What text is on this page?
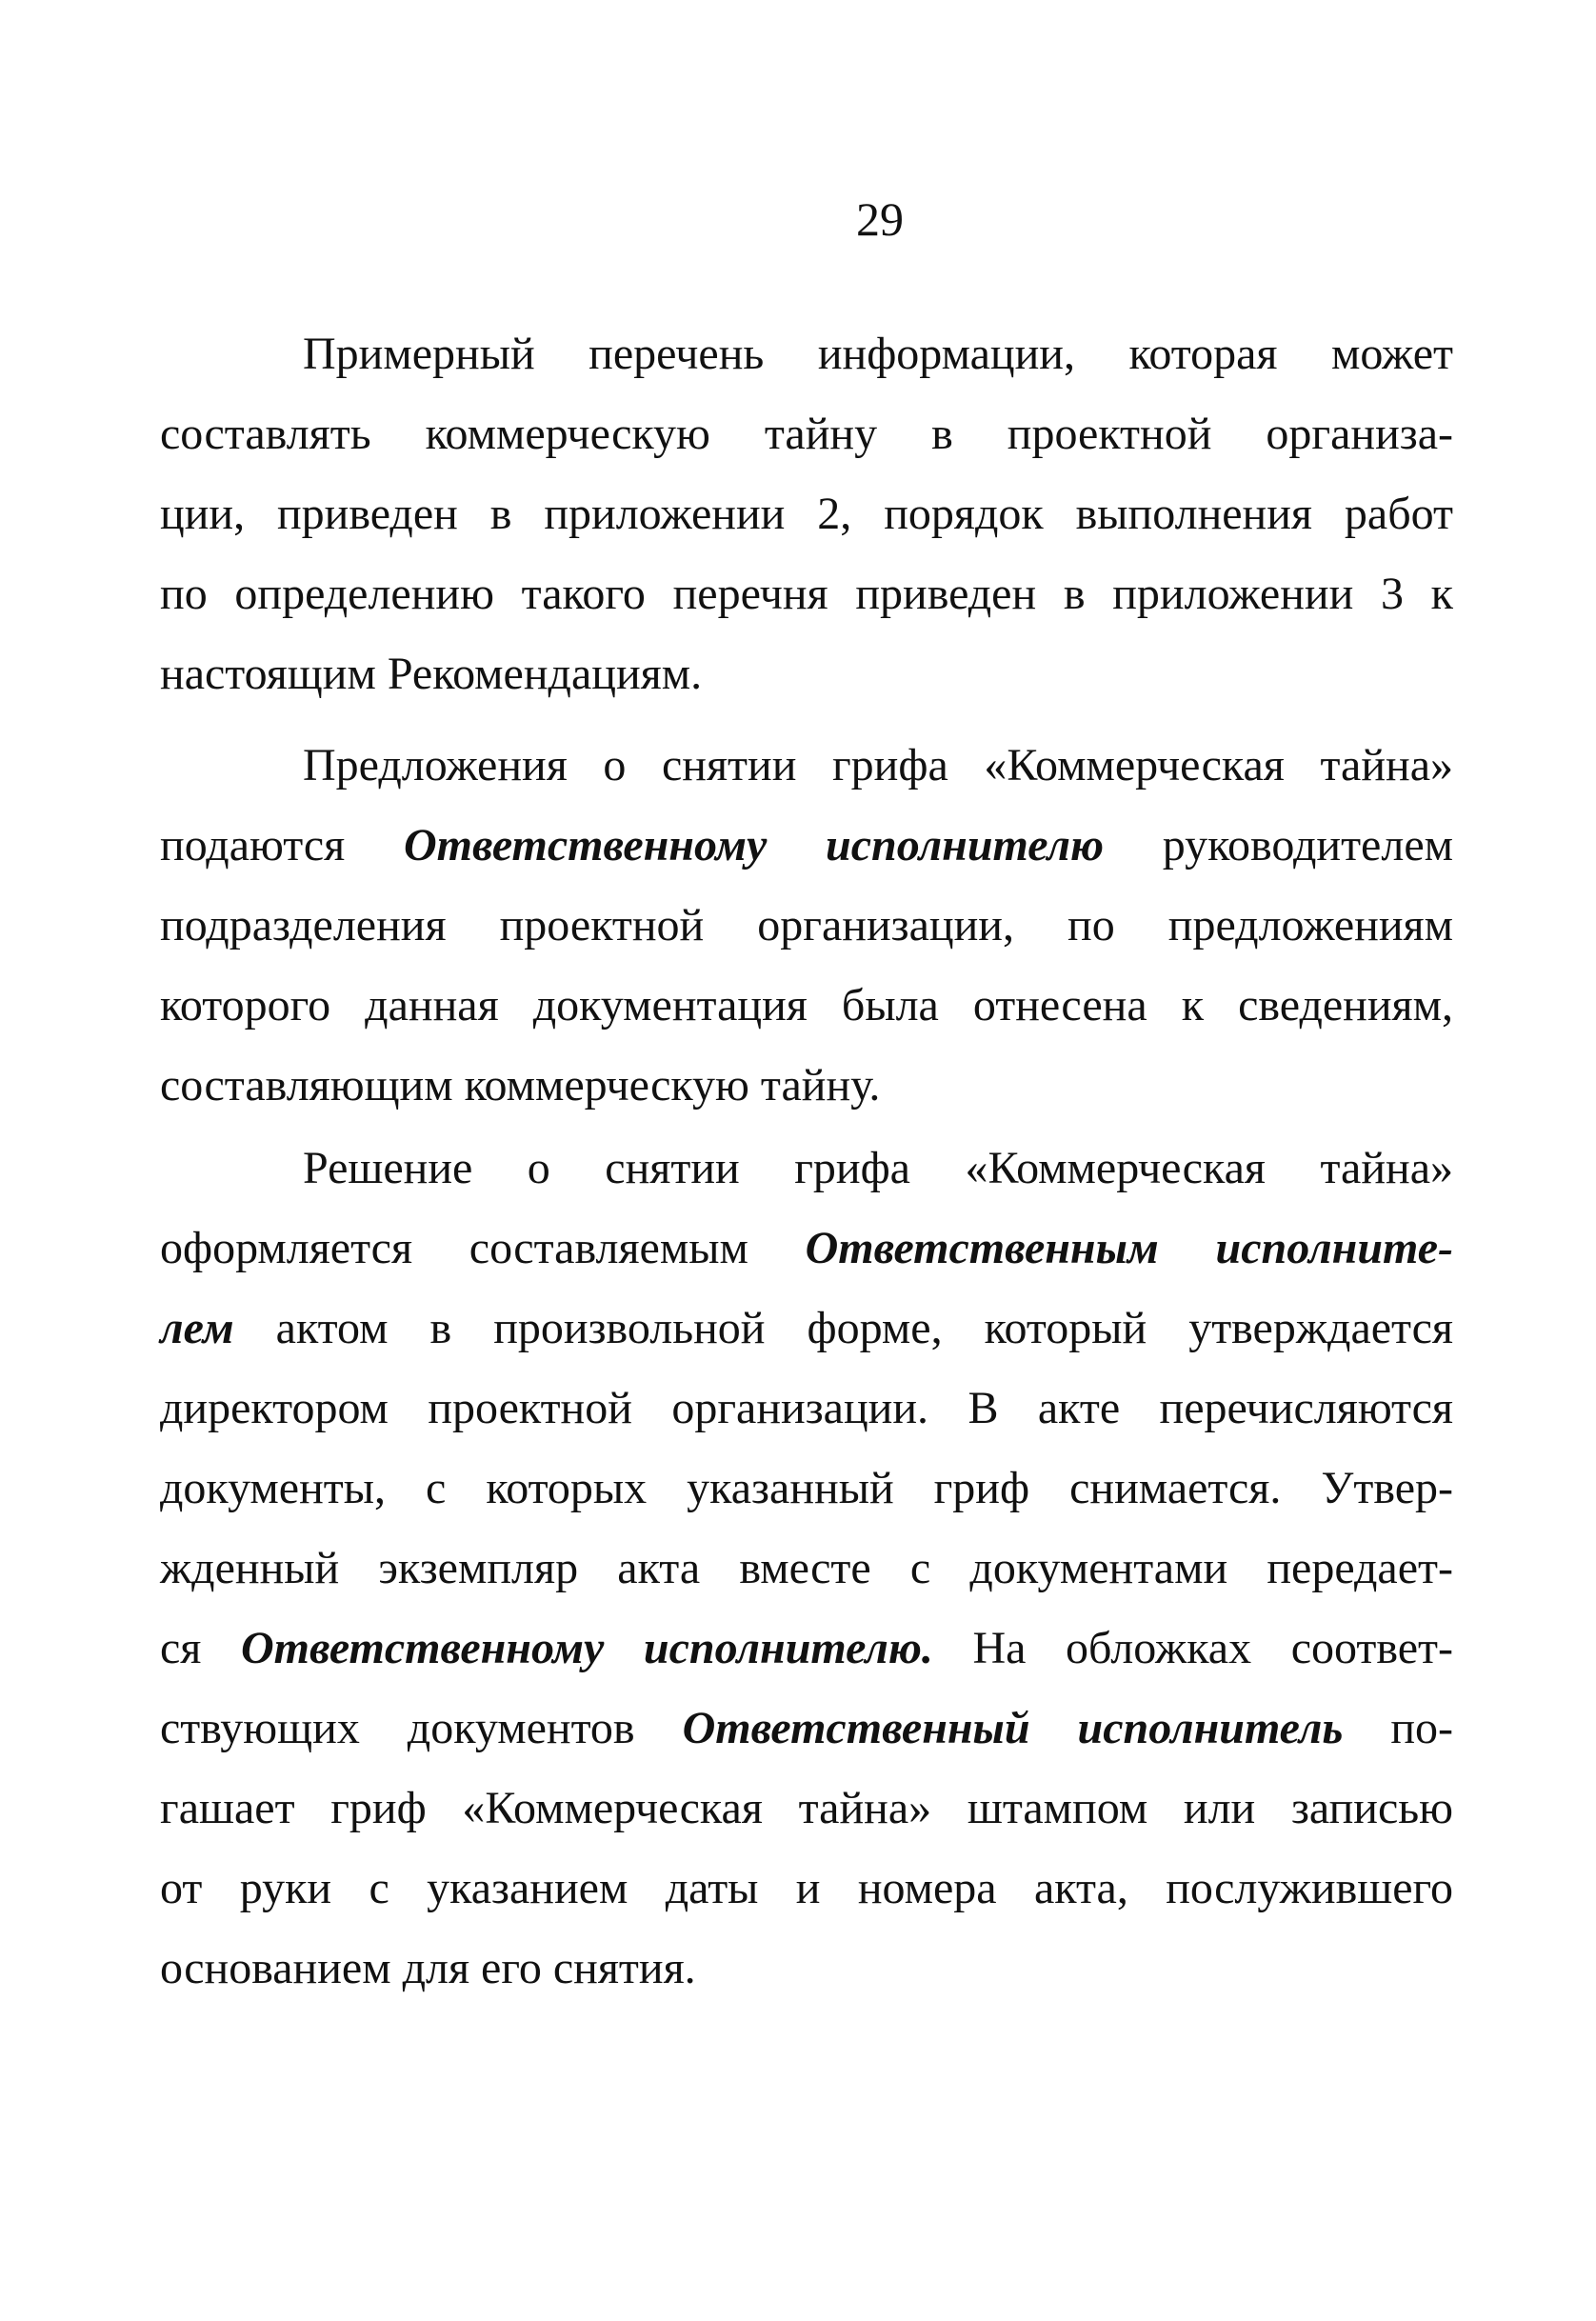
29
Примерный перечень информации, которая может
составлять коммерческую тайну в проектной организа-
ции, приведен в приложении 2, порядок выполнения работ
по определению такого перечня приведен в приложении 3 к
настоящим Рекомендациям.
Предложения о снятии грифа «Коммерческая тайна»
подаются Ответственному исполнителю руководителем
подразделения проектной организации, по предложениям
которого данная документация была отнесена к сведениям,
составляющим коммерческую тайну.
Решение о снятии грифа «Коммерческая тайна»
оформляется составляемым Ответственным исполните-
лем актом в произвольной форме, который утверждается
директором проектной организации. В акте перечисляются
документы, с которых указанный гриф снимается. Утвер-
жденный экземпляр акта вместе с документами передает-
ся Ответственному исполнителю. На обложках соответ-
ствующих документов Ответственный исполнитель по-
гашает гриф «Коммерческая тайна» штампом или записью
от руки с указанием даты и номера акта, послужившего
основанием для его снятия.
